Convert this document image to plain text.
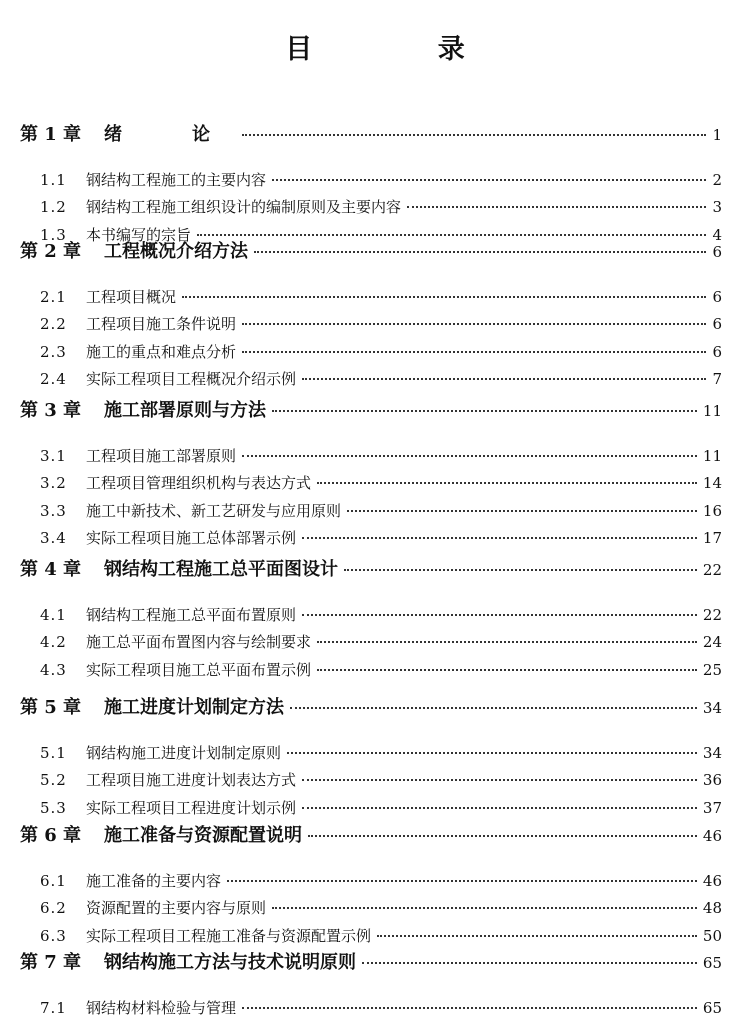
目 录
第 1 章	绪　论	1
1.1	钢结构工程施工的主要内容	2
1.2	钢结构工程施工组织设计的编制原则及主要内容	3
1.3	本书编写的宗旨	4
第 2 章	工程概况介绍方法	6
2.1	工程项目概况	6
2.2	工程项目施工条件说明	6
2.3	施工的重点和难点分析	6
2.4	实际工程项目工程概况介绍示例	7
第 3 章	施工部署原则与方法	11
3.1	工程项目施工部署原则	11
3.2	工程项目管理组织机构与表达方式	14
3.3	施工中新技术、新工艺研发与应用原则	16
3.4	实际工程项目施工总体部署示例	17
第 4 章	钢结构工程施工总平面图设计	22
4.1	钢结构工程施工总平面布置原则	22
4.2	施工总平面布置图内容与绘制要求	24
4.3	实际工程项目施工总平面布置示例	25
第 5 章	施工进度计划制定方法	34
5.1	钢结构施工进度计划制定原则	34
5.2	工程项目施工进度计划表达方式	36
5.3	实际工程项目工程进度计划示例	37
第 6 章	施工准备与资源配置说明	46
6.1	施工准备的主要内容	46
6.2	资源配置的主要内容与原则	48
6.3	实际工程项目工程施工准备与资源配置示例	50
第 7 章	钢结构施工方法与技术说明原则	65
7.1	钢结构材料检验与管理	65
